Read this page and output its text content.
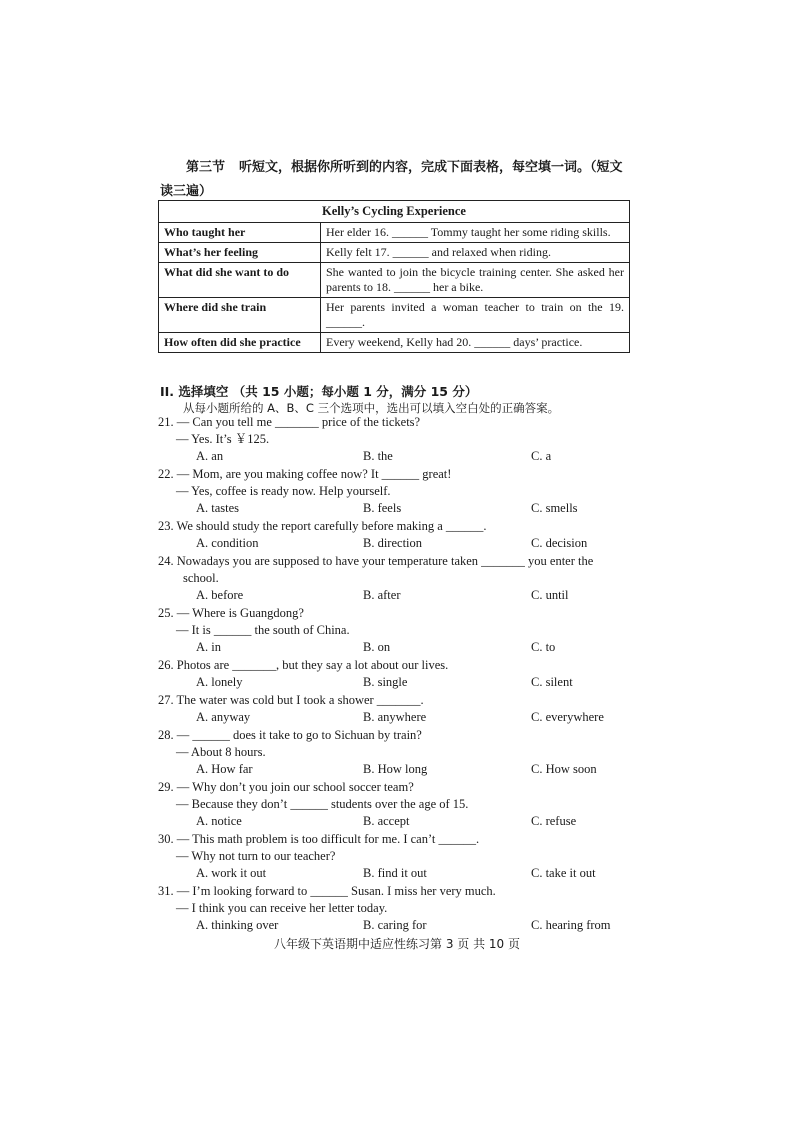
第三节 听短文，根据你所听到的内容，完成下面表格，每空填一词。（短文读三遍）
Kelly’s Cycling Experience	
Who taught her	Her elder 16. ______ Tommy taught her some riding skills.
What’s her feeling	Kelly felt 17. ______ and relaxed when riding.
What did she want to do	She wanted to join the bicycle training center. She asked her parents to 18. ______ her a bike.
Where did she train	Her parents invited a woman teacher to train on the 19. ______.
How often did she practice	Every weekend, Kelly had 20. ______ days’ practice.
II. 选择填空 （共 15 小题；每小题 1 分，满分 15 分）
从每小题所给的 A、B、C 三个选项中，选出可以填入空白处的正确答案。
21. — Can you tell me _______ price of the tickets?
— Yes. It’s ￥125.
A. an	B. the	C. a
22. — Mom, are you making coffee now? It ______ great!
— Yes, coffee is ready now. Help yourself.
A. tastes	B. feels	C. smells
23. We should study the report carefully before making a ______.
A. condition	B. direction	C. decision
24. Nowadays you are supposed to have your temperature taken _______ you enter the
school.
A. before	B. after	C. until
25. — Where is Guangdong?
— It is ______ the south of China.
A. in	B. on	C. to
26. Photos are _______, but they say a lot about our lives.
A. lonely	B. single	C. silent
27. The water was cold but I took a shower _______.
A. anyway	B. anywhere	C. everywhere
28. — ______ does it take to go to Sichuan by train?
— About 8 hours.
A. How far	B. How long	C. How soon
29. — Why don’t you join our school soccer team?
— Because they don’t ______ students over the age of 15.
A. notice	B. accept	C. refuse
30. — This math problem is too difficult for me. I can’t ______.
— Why not turn to our teacher?
A. work it out	B. find it out	C. take it out
31. — I’m looking forward to ______ Susan. I miss her very much.
— I think you can receive her letter today.
A. thinking over	B. caring for	C. hearing from
八年级下英语期中适应性练习第 3 页 共 10 页
